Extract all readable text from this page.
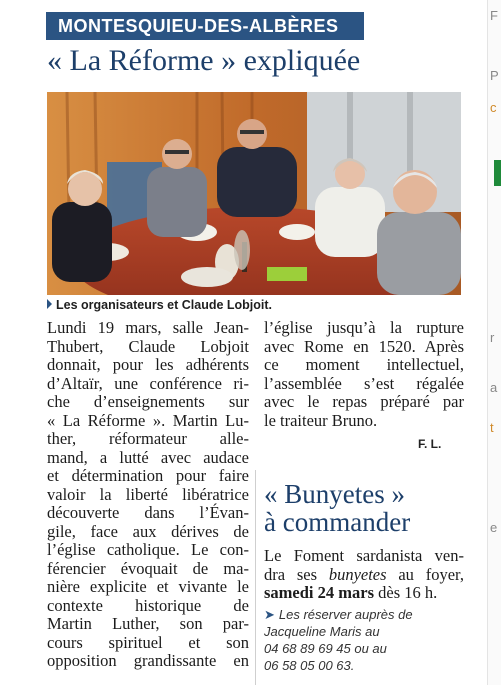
F
P
c
r
a
t
e
MONTESQUIEU-DES-ALBÈRES
« La Réforme » expliquée
Les organisateurs et Claude Lobjoit.
Lundi 19 mars, salle Jean-
Thubert, Claude Lobjoit
donnait, pour les adhérents
d’Altaïr, une conférence ri-
che d’enseignements sur
« La Réforme ». Martin Lu-
ther, réformateur alle-
mand, a lutté avec audace
et détermination pour faire
valoir la liberté libératrice
découverte dans l’Évan-
gile, face aux dérives de
l’église catholique. Le con-
férencier évoquait de ma-
nière explicite et vivante le
contexte historique de
Martin Luther, son par-
cours spirituel et son
opposition grandissante en
l’église jusqu’à la rupture
avec Rome en 1520. Après
ce moment intellectuel,
l’assemblée s’est régalée
avec le repas préparé par
le traiteur Bruno.
F. L.
« Bunyetes »
à commander
Le Foment sardanista ven-
dra ses bunyetes au foyer,
samedi 24 mars dès 16 h.
➤ Les réserver auprès de
Jacqueline Maris au
04 68 89 69 45 ou au
06 58 05 00 63.
